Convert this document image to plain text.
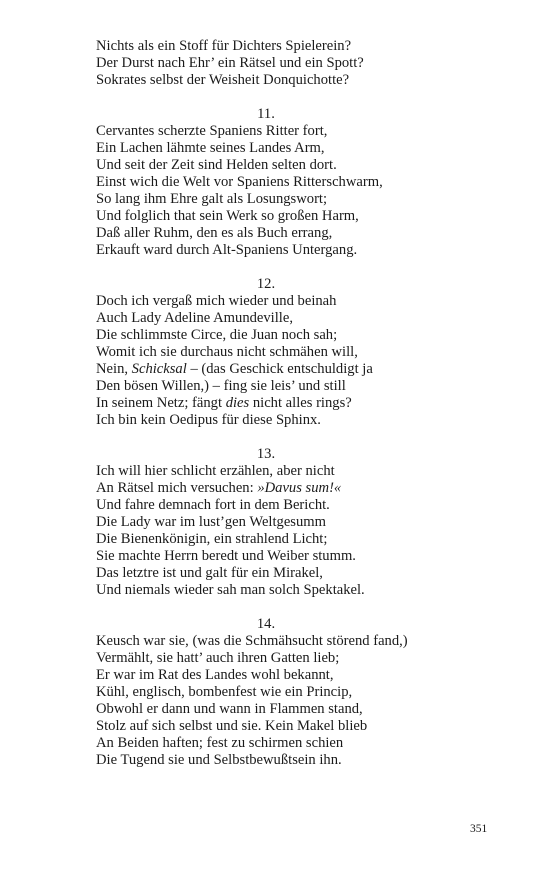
Nichts als ein Stoff für Dichters Spielerein?
Der Durst nach Ehr’ ein Rätsel und ein Spott?
Sokrates selbst der Weisheit Donquichotte?
11.
Cervantes scherzte Spaniens Ritter fort,
Ein Lachen lähmte seines Landes Arm,
Und seit der Zeit sind Helden selten dort.
Einst wich die Welt vor Spaniens Ritterschwarm,
So lang ihm Ehre galt als Losungswort;
Und folglich that sein Werk so großen Harm,
Daß aller Ruhm, den es als Buch errang,
Erkauft ward durch Alt-Spaniens Untergang.
12.
Doch ich vergaß mich wieder und beinah
Auch Lady Adeline Amundeville,
Die schlimmste Circe, die Juan noch sah;
Womit ich sie durchaus nicht schmähen will,
Nein, Schicksal – (das Geschick entschuldigt ja
Den bösen Willen,) – fing sie leis’ und still
In seinem Netz; fängt dies nicht alles rings?
Ich bin kein Oedipus für diese Sphinx.
13.
Ich will hier schlicht erzählen, aber nicht
An Rätsel mich versuchen: »Davus sum!«
Und fahre demnach fort in dem Bericht.
Die Lady war im lust’gen Weltgesumm
Die Bienenkönigin, ein strahlend Licht;
Sie machte Herrn beredt und Weiber stumm.
Das letztre ist und galt für ein Mirakel,
Und niemals wieder sah man solch Spektakel.
14.
Keusch war sie, (was die Schmähsucht störend fand,)
Vermählt, sie hatt’ auch ihren Gatten lieb;
Er war im Rat des Landes wohl bekannt,
Kühl, englisch, bombenfest wie ein Princip,
Obwohl er dann und wann in Flammen stand,
Stolz auf sich selbst und sie. Kein Makel blieb
An Beiden haften; fest zu schirmen schien
Die Tugend sie und Selbstbewußtsein ihn.
351
